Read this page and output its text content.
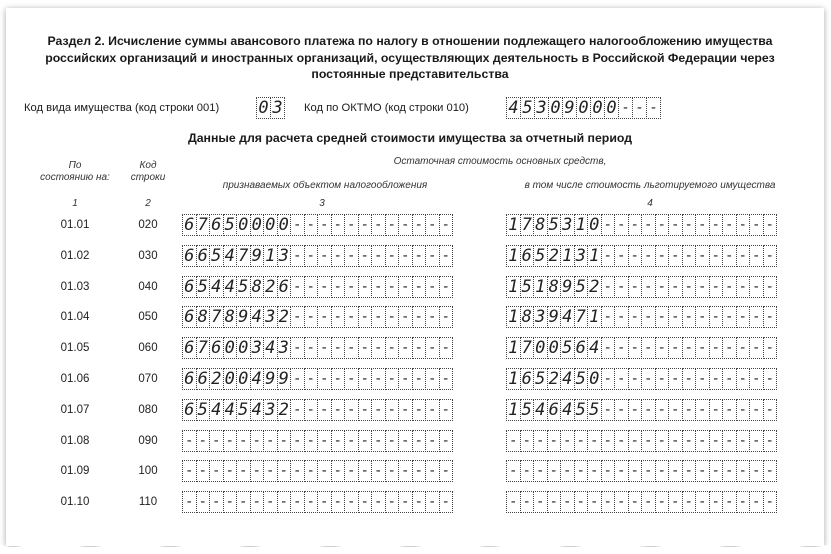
Раздел 2. Исчисление суммы авансового платежа по налогу в отношении подлежащего налогообложению имущества
российских организаций и иностранных организаций, осуществляющих деятельность в Российской Федерации через
постоянные представительства
Код вида имущества (код строки 001) 0 3 Код по ОКТМО (код строки 010) 4 5 3 0 9 0 0 0 - - -
Данные для расчета средней стоимости имущества за отчетный период
По
состоянию на:
Код
строки
Остаточная стоимость основных средств,
признаваемых объектом налогообложения	в том числе стоимость льготируемого имущества
1	2	3	4
01.01	020	6 7 6 5 0 0 0 0 - - - - - - - - - - - -	1 7 8 5 3 1 0 - - - - - - - - - - - - -
01.02	030	6 6 5 4 7 9 1 3 - - - - - - - - - - - -	1 6 5 2 1 3 1 - - - - - - - - - - - - -
01.03	040	6 5 4 4 5 8 2 6 - - - - - - - - - - - -	1 5 1 8 9 5 2 - - - - - - - - - - - - -
01.04	050	6 8 7 8 9 4 3 2 - - - - - - - - - - - -	1 8 3 9 4 7 1 - - - - - - - - - - - - -
01.05	060	6 7 6 0 0 3 4 3 - - - - - - - - - - - -	1 7 0 0 5 6 4 - - - - - - - - - - - - -
01.06	070	6 6 2 0 0 4 9 9 - - - - - - - - - - - -	1 6 5 2 4 5 0 - - - - - - - - - - - - -
01.07	080	6 5 4 4 5 4 3 2 - - - - - - - - - - - -	1 5 4 6 4 5 5 - - - - - - - - - - - - -
01.08	090	- - - - - - - - - - - - - - - - - - - -	- - - - - - - - - - - - - - - - - - - -
01.09	100	- - - - - - - - - - - - - - - - - - - -	- - - - - - - - - - - - - - - - - - - -
01.10	110	- - - - - - - - - - - - - - - - - - - -	- - - - - - - - - - - - - - - - - - - -
